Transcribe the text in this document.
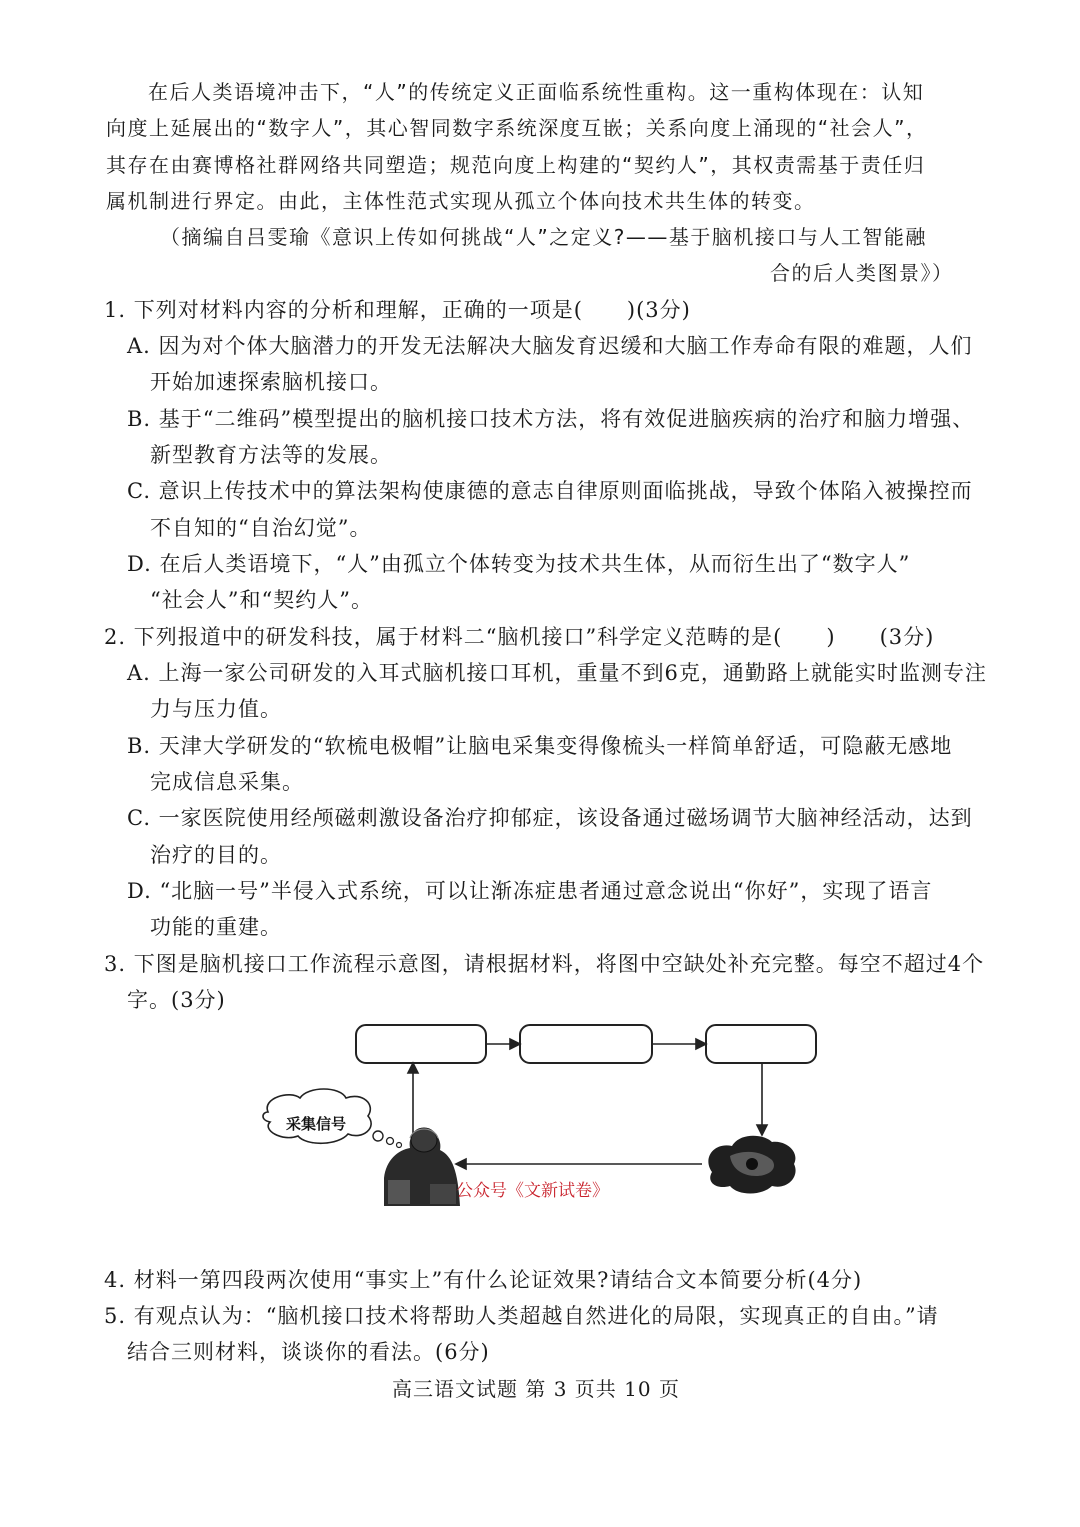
在后人类语境冲击下，“人”的传统定义正面临系统性重构。这一重构体现在：认知
向度上延展出的“数字人”，其心智同数字系统深度互嵌；关系向度上涌现的“社会人”，
其存在由赛博格社群网络共同塑造；规范向度上构建的“契约人”，其权责需基于责任归
属机制进行界定。由此，主体性范式实现从孤立个体向技术共生体的转变。
（摘编自吕雯瑜《意识上传如何挑战“人”之定义?——基于脑机接口与人工智能融
合的后人类图景》）
1. 下列对材料内容的分析和理解，正确的一项是(　　)(3分)
A. 因为对个体大脑潜力的开发无法解决大脑发育迟缓和大脑工作寿命有限的难题，人们
开始加速探索脑机接口。
B. 基于“二维码”模型提出的脑机接口技术方法，将有效促进脑疾病的治疗和脑力增强、
新型教育方法等的发展。
C. 意识上传技术中的算法架构使康德的意志自律原则面临挑战，导致个体陷入被操控而
不自知的“自治幻觉”。
D. 在后人类语境下，“人”由孤立个体转变为技术共生体，从而衍生出了“数字人”
“社会人”和“契约人”。
2. 下列报道中的研发科技，属于材料二“脑机接口”科学定义范畴的是(　　)　　(3分)
A. 上海一家公司研发的入耳式脑机接口耳机，重量不到6克，通勤路上就能实时监测专注
力与压力值。
B. 天津大学研发的“软梳电极帽”让脑电采集变得像梳头一样简单舒适，可隐蔽无感地
完成信息采集。
C. 一家医院使用经颅磁刺激设备治疗抑郁症，该设备通过磁场调节大脑神经活动，达到
治疗的目的。
D. “北脑一号”半侵入式系统，可以让渐冻症患者通过意念说出“你好”，实现了语言
功能的重建。
3. 下图是脑机接口工作流程示意图，请根据材料，将图中空缺处补充完整。每空不超过4个
字。(3分)
采集信号
公众号《文新试卷》
4. 材料一第四段两次使用“事实上”有什么论证效果?请结合文本简要分析(4分)
5. 有观点认为：“脑机接口技术将帮助人类超越自然进化的局限，实现真正的自由。”请
结合三则材料，谈谈你的看法。(6分)
高三语文试题 第 3 页共 10 页
